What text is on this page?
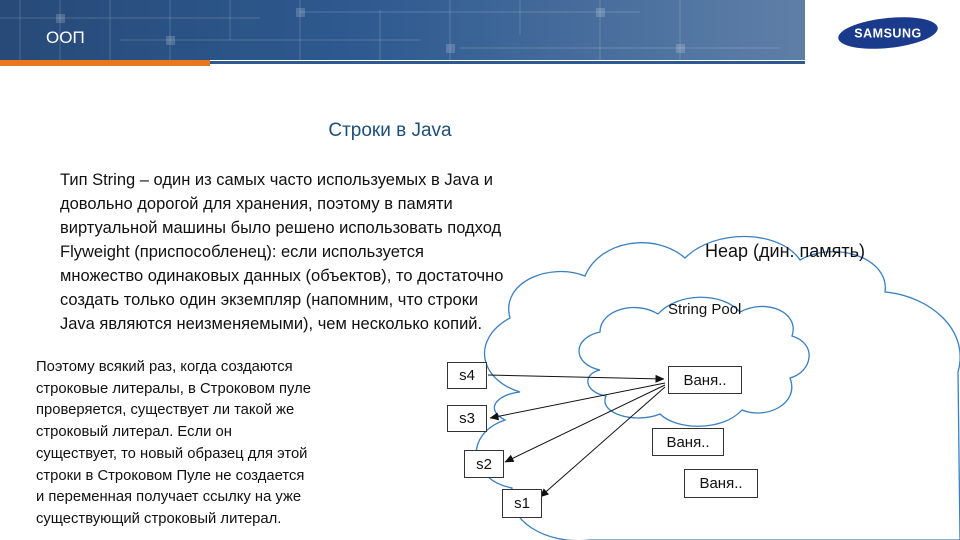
ООП	SAMSUNG
Строки в Java
Тип String – один из самых часто используемых в Java и
довольно дорогой для хранения, поэтому в памяти
виртуальной машины было решено использовать подход
Flyweight (приспособленец): если используется
множество одинаковых данных (объектов), то достаточно
создать только один экземпляр (напомним, что строки
Java являются неизменяемыми), чем несколько копий.
Поэтому всякий раз, когда создаются
строковые литералы, в Строковом пуле
проверяется, существует ли такой же
строковый литерал. Если он
существует, то новый образец для этой
строки в Строковом Пуле не создается
и переменная получает ссылку на уже
существующий строковый литерал.
Heap (дин. память)
String Pool
s4
s3
s2
s1
Ваня..
Ваня..
Ваня..
